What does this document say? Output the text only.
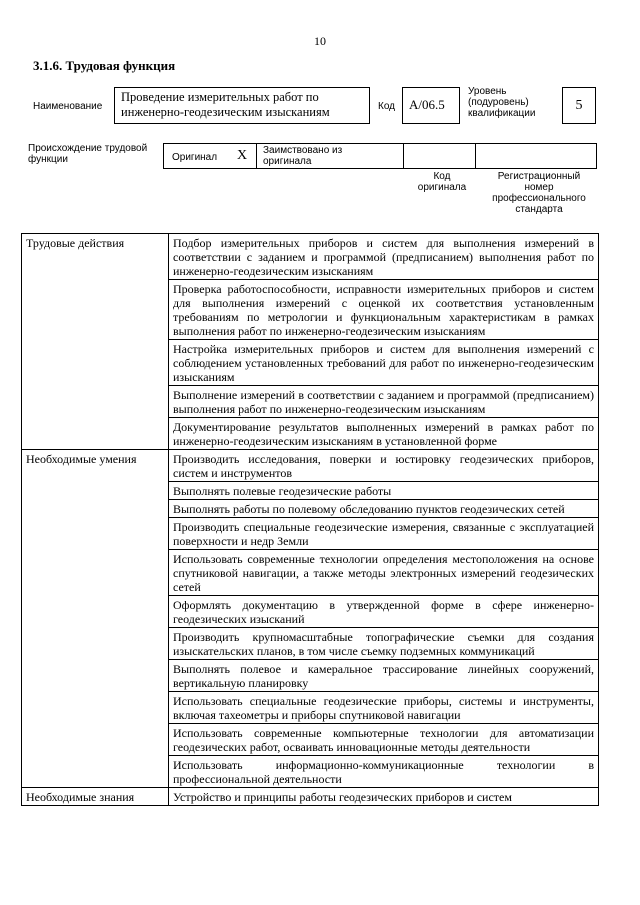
10
3.1.6. Трудовая функция
Наименование
Проведение измерительных работ по инженерно-геодезическим изысканиям	Код	A/06.5
Уровень (подуровень) квалификации
5
Происхождение трудовой функции	Оригинал X Заимствовано из оригинала
Код оригинала
Регистрационный номер профессионального стандарта
Трудовые действия	Подбор измерительных приборов и систем для выполнения измерений в соответствии с заданием и программой (предписанием) выполнения работ по инженерно-геодезическим изысканиям
	Проверка работоспособности, исправности измерительных приборов и систем для выполнения измерений с оценкой их соответствия установленным требованиям по метрологии и функциональным характеристикам в рамках выполнения работ по инженерно-геодезическим изысканиям
	Настройка измерительных приборов и систем для выполнения измерений с соблюдением установленных требований для работ по инженерно-геодезическим изысканиям
	Выполнение измерений в соответствии с заданием и программой (предписанием) выполнения работ по инженерно-геодезическим изысканиям
	Документирование результатов выполненных измерений в рамках работ по инженерно-геодезическим изысканиям в установленной форме
Необходимые умения	Производить исследования, поверки и юстировку геодезических приборов, систем и инструментов
	Выполнять полевые геодезические работы
	Выполнять работы по полевому обследованию пунктов геодезических сетей
	Производить специальные геодезические измерения, связанные с эксплуатацией поверхности и недр Земли
	Использовать современные технологии определения местоположения на основе спутниковой навигации, а также методы электронных измерений геодезических сетей
	Оформлять документацию в утвержденной форме в сфере инженерно-геодезических изысканий
	Производить крупномасштабные топографические съемки для создания изыскательских планов, в том числе съемку подземных коммуникаций
	Выполнять полевое и камеральное трассирование линейных сооружений, вертикальную планировку
	Использовать специальные геодезические приборы, системы и инструменты, включая тахеометры и приборы спутниковой навигации
	Использовать современные компьютерные технологии для автоматизации геодезических работ, осваивать инновационные методы деятельности
	Использовать информационно-коммуникационные технологии в профессиональной деятельности
Необходимые знания	Устройство и принципы работы геодезических приборов и систем
